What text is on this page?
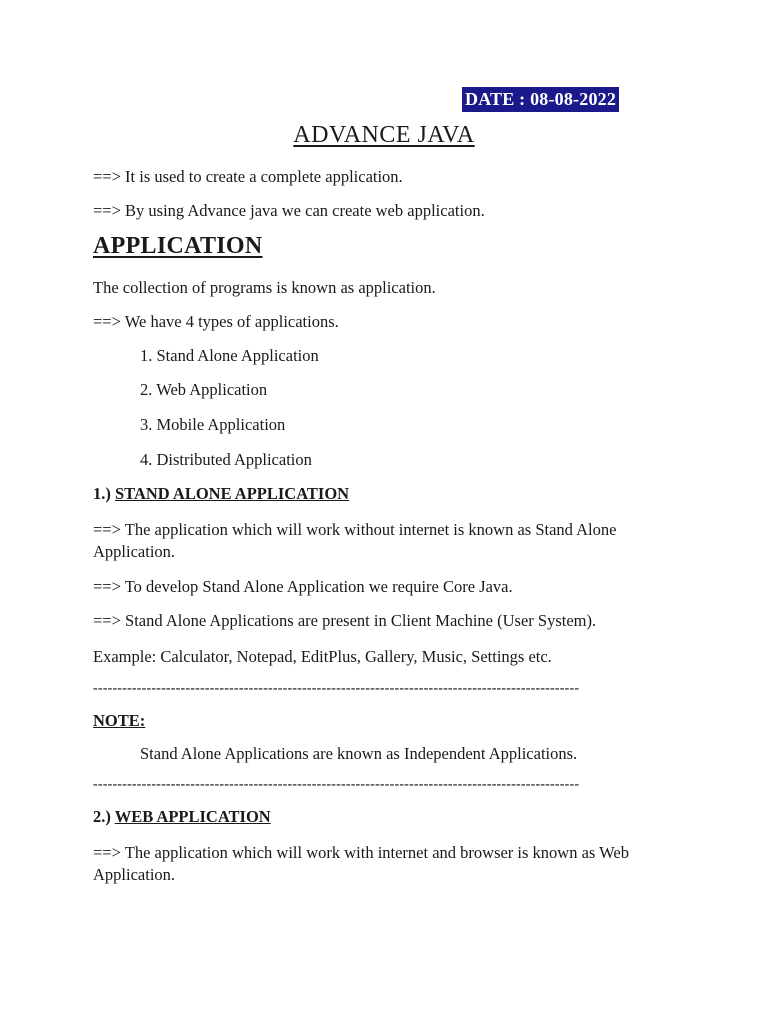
DATE : 08-08-2022
ADVANCE JAVA
==> It is used to create a complete application.
==> By using Advance java we can create web application.
APPLICATION
The collection of programs is known as application.
==> We have 4 types of applications.
1. Stand Alone Application
2. Web Application
3. Mobile Application
4. Distributed Application
1.) STAND ALONE APPLICATION
==> The application which will work without internet is known as Stand Alone Application.
==> To develop Stand Alone Application we require Core Java.
==> Stand Alone Applications are present in Client Machine (User System).
Example: Calculator, Notepad, EditPlus, Gallery, Music, Settings etc.
----------------------------------------------------------------------------------------------------
NOTE:
Stand Alone Applications are known as Independent Applications.
----------------------------------------------------------------------------------------------------
2.) WEB APPLICATION
==> The application which will work with internet and browser is known as Web Application.
